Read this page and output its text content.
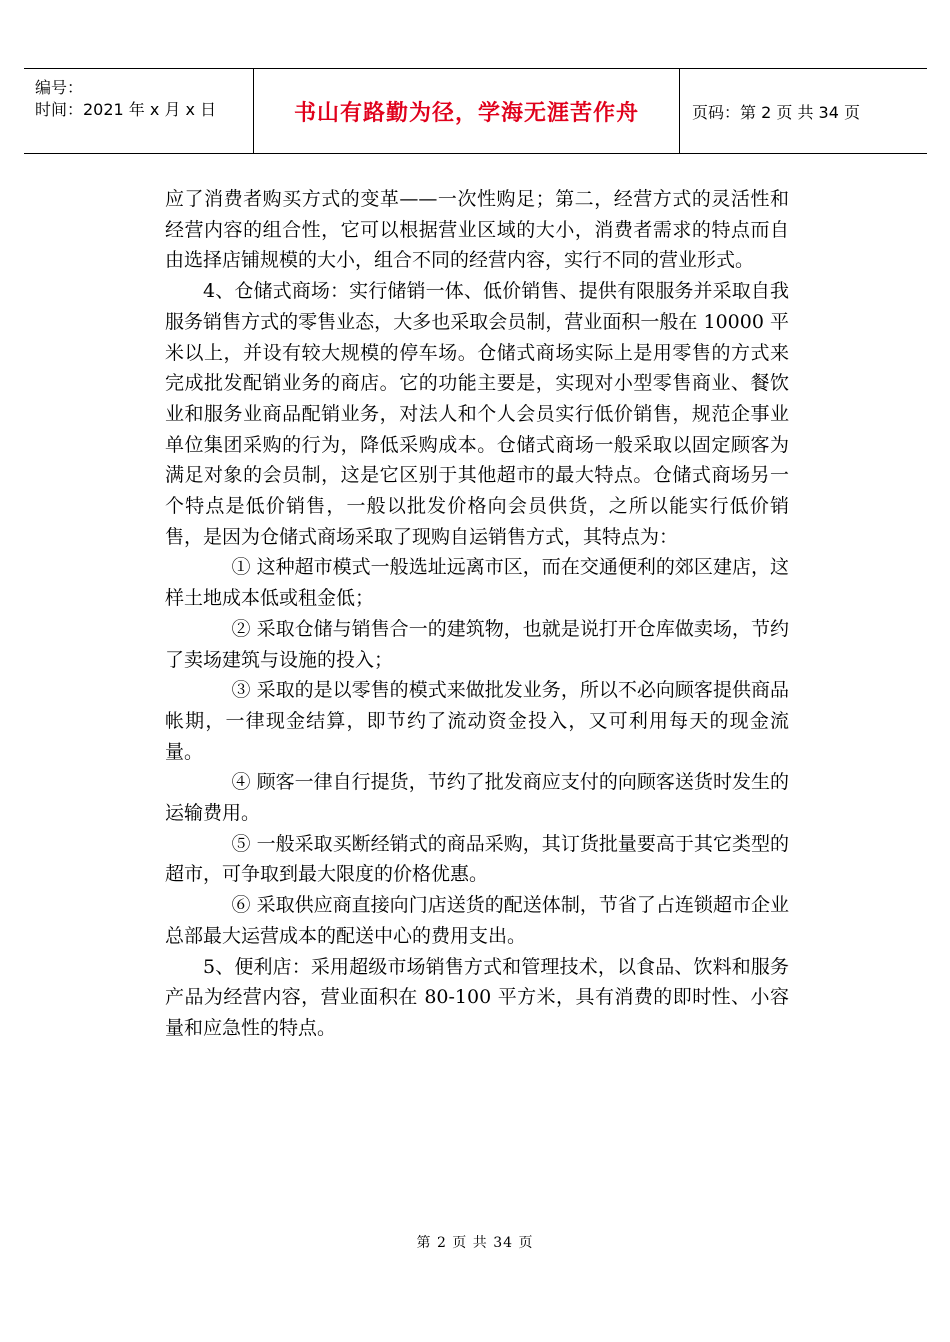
编号：
时间：2021 年 x 月 x 日	书山有路勤为径，学海无涯苦作舟	页码：第 2 页 共 34 页

应了消费者购买方式的变革——一次性购足；第二，经营方式的灵活性和经营内容的组合性，它可以根据营业区域的大小，消费者需求的特点而自由选择店铺规模的大小，组合不同的经营内容，实行不同的营业形式。

4、仓储式商场：实行储销一体、低价销售、提供有限服务并采取自我服务销售方式的零售业态，大多也采取会员制，营业面积一般在 10000 平米以上，并设有较大规模的停车场。仓储式商场实际上是用零售的方式来完成批发配销业务的商店。它的功能主要是，实现对小型零售商业、餐饮业和服务业商品配销业务，对法人和个人会员实行低价销售，规范企事业单位集团采购的行为，降低采购成本。仓储式商场一般采取以固定顾客为满足对象的会员制，这是它区别于其他超市的最大特点。仓储式商场另一个特点是低价销售，一般以批发价格向会员供货，之所以能实行低价销售，是因为仓储式商场采取了现购自运销售方式，其特点为：

① 这种超市模式一般选址远离市区，而在交通便利的郊区建店，这样土地成本低或租金低；

② 采取仓储与销售合一的建筑物，也就是说打开仓库做卖场，节约了卖场建筑与设施的投入；

③ 采取的是以零售的模式来做批发业务，所以不必向顾客提供商品帐期，一律现金结算，即节约了流动资金投入，又可利用每天的现金流量。

④ 顾客一律自行提货，节约了批发商应支付的向顾客送货时发生的运输费用。

⑤ 一般采取买断经销式的商品采购，其订货批量要高于其它类型的超市，可争取到最大限度的价格优惠。

⑥ 采取供应商直接向门店送货的配送体制，节省了占连锁超市企业总部最大运营成本的配送中心的费用支出。

5、便利店：采用超级市场销售方式和管理技术，以食品、饮料和服务产品为经营内容，营业面积在 80-100 平方米，具有消费的即时性、小容量和应急性的特点。

第 2 页 共 34 页
